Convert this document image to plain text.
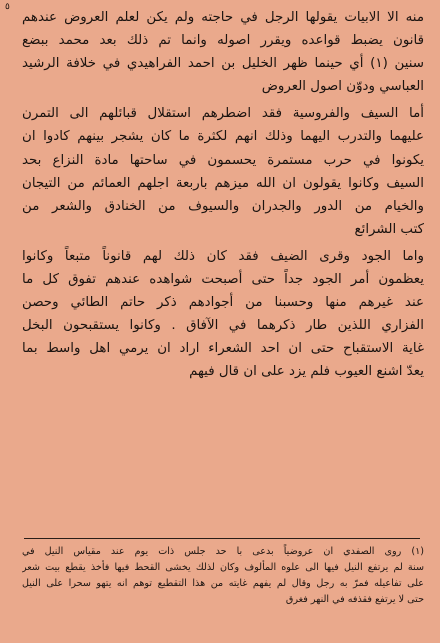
٥
منه الا الابيات يقولها الرجل في حاجته ولم يكن لعلم العروض عندهم
قانون يضبط قواعده ويقرر اصوله وانما تم ذلك بعد محمد ببضع
سنين (١) أي حينما ظهر الخليل بن احمد الفراهيدي في خلافة الرشيد
العباسي ودوّن اصول العروض
أما السيف والفروسية فقد اضطرهم استقلال قبائلهم الى التمرن
عليهما والتدرب اليهما وذلك انهم لكثرة ما كان يشجر بينهم كادوا ان
يكونوا في حرب مستمرة يحسمون في ساحتها مادة النزاع بحد
السيف وكانوا يقولون ان الله ميزهم باربعة اجلهم العمائم من التيجان
والخيام من الدور والجدران والسيوف من الخنادق والشعر من
كتب الشرائع
واما الجود وقرى الضيف فقد كان ذلك لهم قانوناً متبعاً وكانوا
يعظمون أمر الجود جداً حتى أصبحت شواهده عندهم تفوق كل ما
عند غيرهم منها وحسبنا من أجوادهم ذكر حاتم الطائي وحصن
الفزاري اللذين طار ذكرهما في الآفاق . وكانوا يستقبحون البخل
غاية الاستقباح حتى ان احد الشعراء اراد ان يرمي اهل واسط بما
يعدّ اشنع العيوب فلم يزد على ان قال فيهم
(١) روى الصفدي ان عروضياً بدعى با حد جلس ذات يوم عند مقياس النيل في
سنة لم يرتفع النيل فيها الى علوه المألوف وكان لذلك يخشى القحط فيها فأخذ يقطع بيت شعر
على تفاعيله فمرّ به رجل وقال لم يفهم غايته من هذا التقطيع توهم انه يتهو سحرا على النيل
حتى لا يرتفع فقذفه في النهر فغرق
